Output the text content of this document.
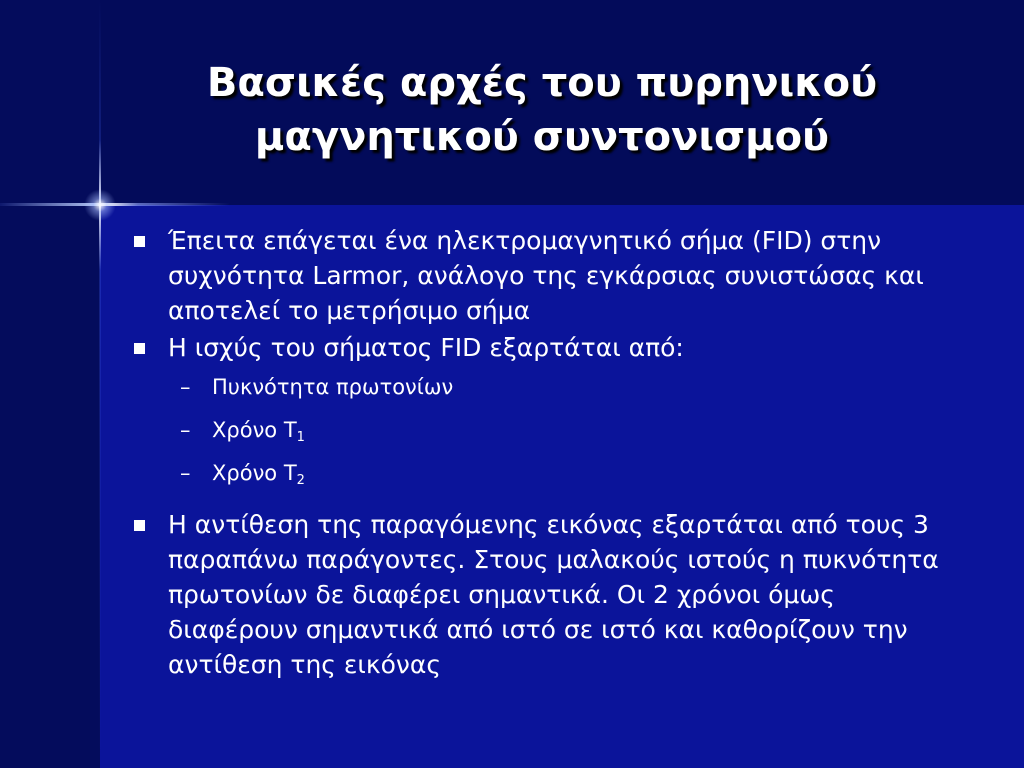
Βασικές αρχές του πυρηνικού μαγνητικού συντονισμού
Έπειτα επάγεται ένα ηλεκτρομαγνητικό σήμα (FID) στην συχνότητα Larmor, ανάλογο της εγκάρσιας συνιστώσας και αποτελεί το μετρήσιμο σήμα
Η ισχύς του σήματος FID εξαρτάται από:
– Πυκνότητα πρωτονίων
– Χρόνο $T_1$
– Χρόνο $T_2$
Η αντίθεση της παραγόμενης εικόνας εξαρτάται από τους 3 παραπάνω παράγοντες. Στους μαλακούς ιστούς η πυκνότητα πρωτονίων δε διαφέρει σημαντικά. Οι 2 χρόνοι όμως διαφέρουν σημαντικά από ιστό σε ιστό και καθορίζουν την αντίθεση της εικόνας
